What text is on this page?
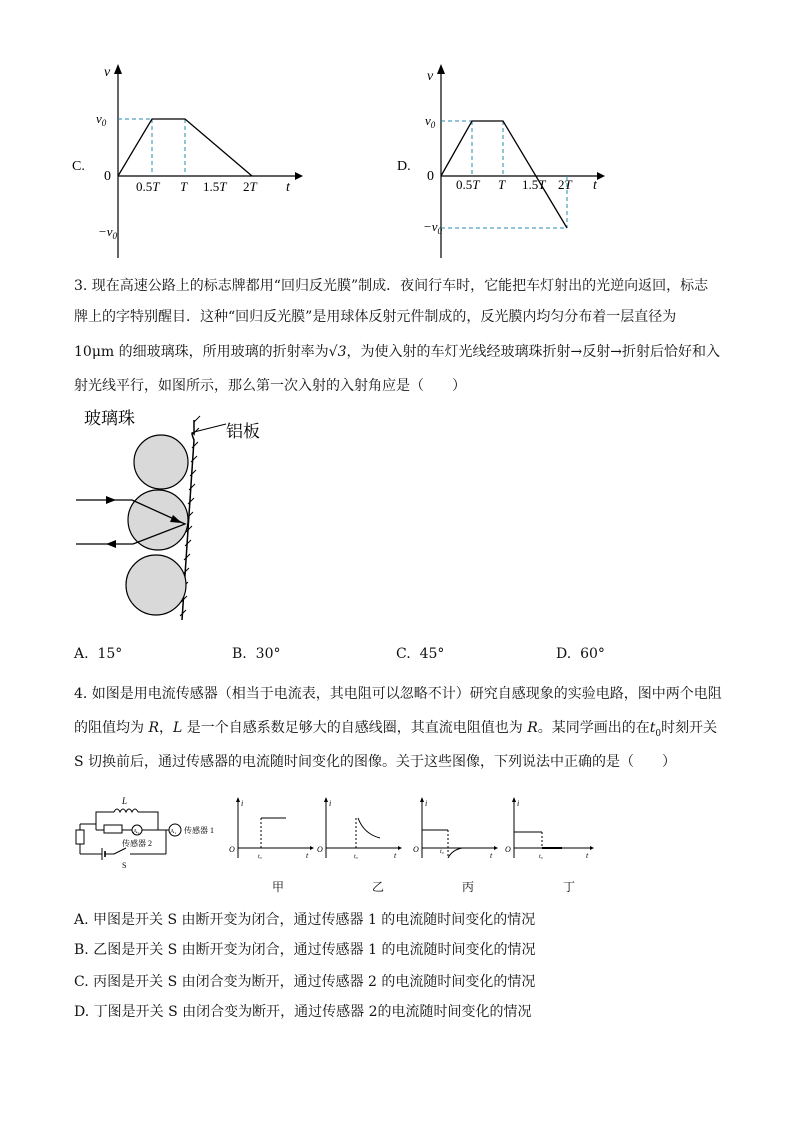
C.
v
$v_0$
0
t
$-v_0$
0.5T T 1.5T 2T
D.
v
$v_0$
0
t
$-v_0$
0.5T T 1.5T 2T
3. 现在高速公路上的标志牌都用“回归反光膜”制成．夜间行车时，它能把车灯射出的光逆向返回，标志
牌上的字特别醒目．这种“回归反光膜”是用球体反射元件制成的，反光膜内均匀分布着一层直径为
10μm 的细玻璃珠，所用玻璃的折射率为√3，为使入射的车灯光线经玻璃珠折射→反射→折射后恰好和入
射光线平行，如图所示，那么第一次入射的入射角应是（　　）
玻璃珠
铝板
A. 15°	B. 30°	C. 45°	D. 60°
4. 如图是用电流传感器（相当于电流表，其电阻可以忽略不计）研究自感现象的实验电路，图中两个电阻
的阻值均为 R，L 是一个自感系数足够大的自感线圈，其直流电阻值也为 R。某同学画出的在$t_0$时刻开关
S 切换前后，通过传感器的电流随时间变化的图像。关于这些图像，下列说法中正确的是（　　）
L
A₂
传感器 2
S
A₁ 传感器 1
i
O
t
t₀
i
O
t
t₀
i
O
t
t₀
i
O
t
t₀
甲	乙	丙	丁
A. 甲图是开关 S 由断开变为闭合，通过传感器 1 的电流随时间变化的情况
B. 乙图是开关 S 由断开变为闭合，通过传感器 1 的电流随时间变化的情况
C. 丙图是开关 S 由闭合变为断开，通过传感器 2 的电流随时间变化的情况
D. 丁图是开关 S 由闭合变为断开，通过传感器 2的电流随时间变化的情况
